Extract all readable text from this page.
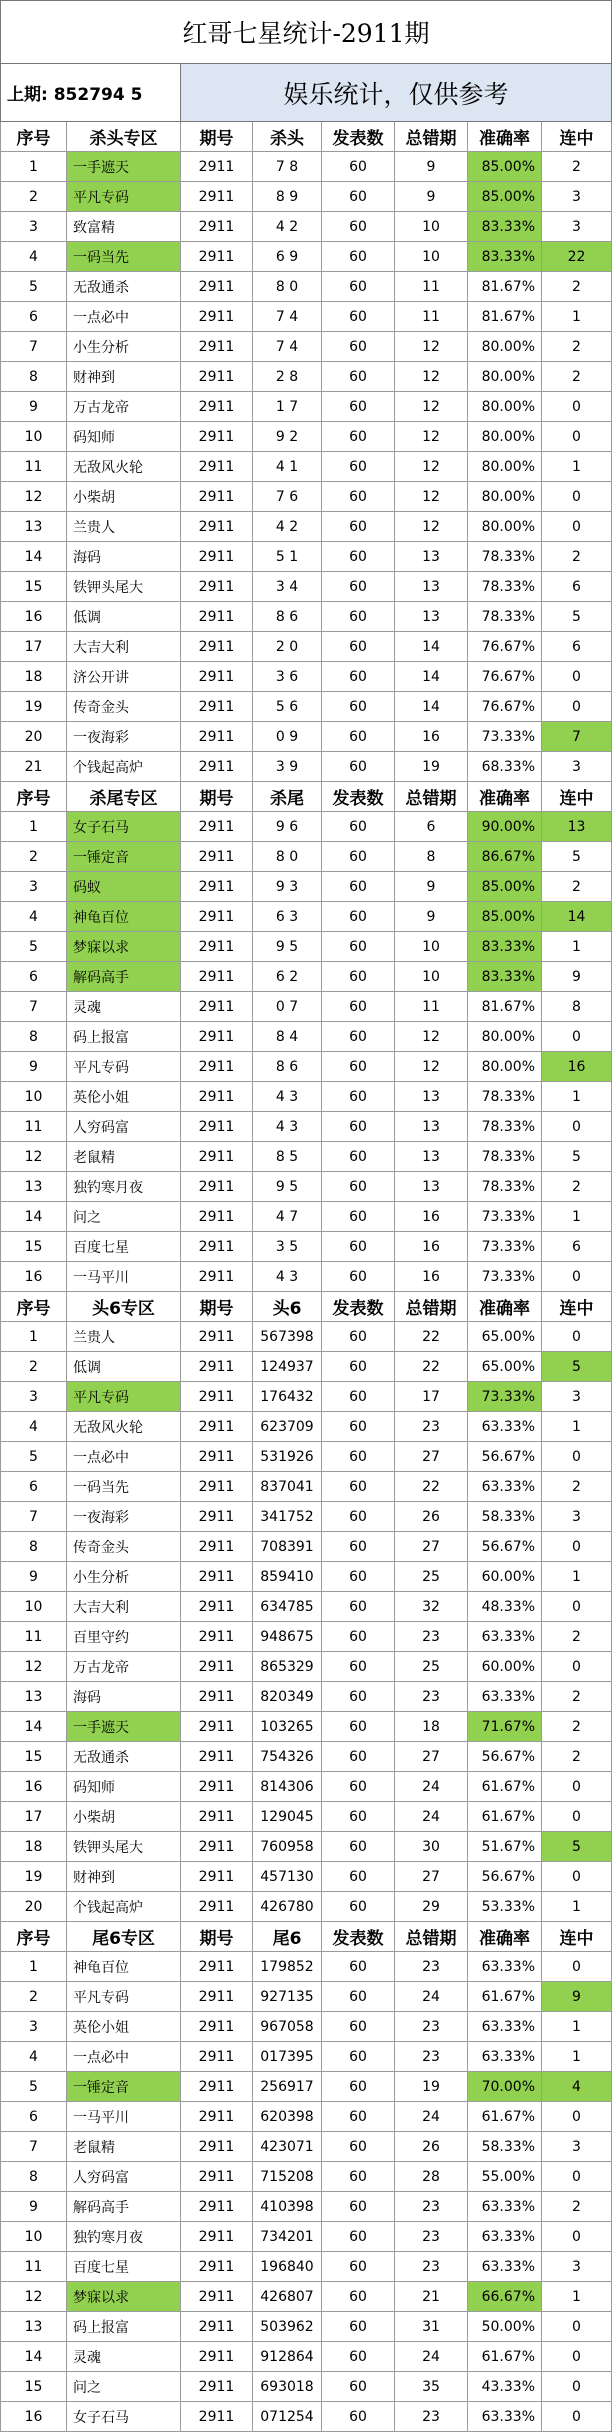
红哥七星统计-2911期
上期: 852794 5	娱乐统计，仅供参考
序号	杀头专区	期号	杀头	发表数	总错期	准确率	连中
1	一手遮天	2911	7 8	60	9	85.00%	2
2	平凡专码	2911	8 9	60	9	85.00%	3
3	致富精	2911	4 2	60	10	83.33%	3
4	一码当先	2911	6 9	60	10	83.33%	22
5	无敌通杀	2911	8 0	60	11	81.67%	2
6	一点必中	2911	7 4	60	11	81.67%	1
7	小生分析	2911	7 4	60	12	80.00%	2
8	财神到	2911	2 8	60	12	80.00%	2
9	万古龙帝	2911	1 7	60	12	80.00%	0
10	码知师	2911	9 2	60	12	80.00%	0
11	无敌风火轮	2911	4 1	60	12	80.00%	1
12	小柴胡	2911	7 6	60	12	80.00%	0
13	兰贵人	2911	4 2	60	12	80.00%	0
14	海码	2911	5 1	60	13	78.33%	2
15	铁钾头尾大	2911	3 4	60	13	78.33%	6
16	低调	2911	8 6	60	13	78.33%	5
17	大吉大利	2911	2 0	60	14	76.67%	6
18	济公开讲	2911	3 6	60	14	76.67%	0
19	传奇金头	2911	5 6	60	14	76.67%	0
20	一夜海彩	2911	0 9	60	16	73.33%	7
21	个钱起高炉	2911	3 9	60	19	68.33%	3
序号	杀尾专区	期号	杀尾	发表数	总错期	准确率	连中
1	女子石马	2911	9 6	60	6	90.00%	13
2	一锤定音	2911	8 0	60	8	86.67%	5
3	码蚁	2911	9 3	60	9	85.00%	2
4	神龟百位	2911	6 3	60	9	85.00%	14
5	梦寐以求	2911	9 5	60	10	83.33%	1
6	解码高手	2911	6 2	60	10	83.33%	9
7	灵魂	2911	0 7	60	11	81.67%	8
8	码上报富	2911	8 4	60	12	80.00%	0
9	平凡专码	2911	8 6	60	12	80.00%	16
10	英伦小姐	2911	4 3	60	13	78.33%	1
11	人穷码富	2911	4 3	60	13	78.33%	0
12	老鼠精	2911	8 5	60	13	78.33%	5
13	独钓寒月夜	2911	9 5	60	13	78.33%	2
14	问之	2911	4 7	60	16	73.33%	1
15	百度七星	2911	3 5	60	16	73.33%	6
16	一马平川	2911	4 3	60	16	73.33%	0
序号	头6专区	期号	头6	发表数	总错期	准确率	连中
1	兰贵人	2911	567398	60	22	65.00%	0
2	低调	2911	124937	60	22	65.00%	5
3	平凡专码	2911	176432	60	17	73.33%	3
4	无敌风火轮	2911	623709	60	23	63.33%	1
5	一点必中	2911	531926	60	27	56.67%	0
6	一码当先	2911	837041	60	22	63.33%	2
7	一夜海彩	2911	341752	60	26	58.33%	3
8	传奇金头	2911	708391	60	27	56.67%	0
9	小生分析	2911	859410	60	25	60.00%	1
10	大吉大利	2911	634785	60	32	48.33%	0
11	百里守约	2911	948675	60	23	63.33%	2
12	万古龙帝	2911	865329	60	25	60.00%	0
13	海码	2911	820349	60	23	63.33%	2
14	一手遮天	2911	103265	60	18	71.67%	2
15	无敌通杀	2911	754326	60	27	56.67%	2
16	码知师	2911	814306	60	24	61.67%	0
17	小柴胡	2911	129045	60	24	61.67%	0
18	铁钾头尾大	2911	760958	60	30	51.67%	5
19	财神到	2911	457130	60	27	56.67%	0
20	个钱起高炉	2911	426780	60	29	53.33%	1
序号	尾6专区	期号	尾6	发表数	总错期	准确率	连中
1	神龟百位	2911	179852	60	23	63.33%	0
2	平凡专码	2911	927135	60	24	61.67%	9
3	英伦小姐	2911	967058	60	23	63.33%	1
4	一点必中	2911	017395	60	23	63.33%	1
5	一锤定音	2911	256917	60	19	70.00%	4
6	一马平川	2911	620398	60	24	61.67%	0
7	老鼠精	2911	423071	60	26	58.33%	3
8	人穷码富	2911	715208	60	28	55.00%	0
9	解码高手	2911	410398	60	23	63.33%	2
10	独钓寒月夜	2911	734201	60	23	63.33%	0
11	百度七星	2911	196840	60	23	63.33%	3
12	梦寐以求	2911	426807	60	21	66.67%	1
13	码上报富	2911	503962	60	31	50.00%	0
14	灵魂	2911	912864	60	24	61.67%	0
15	问之	2911	693018	60	35	43.33%	0
16	女子石马	2911	071254	60	23	63.33%	0
